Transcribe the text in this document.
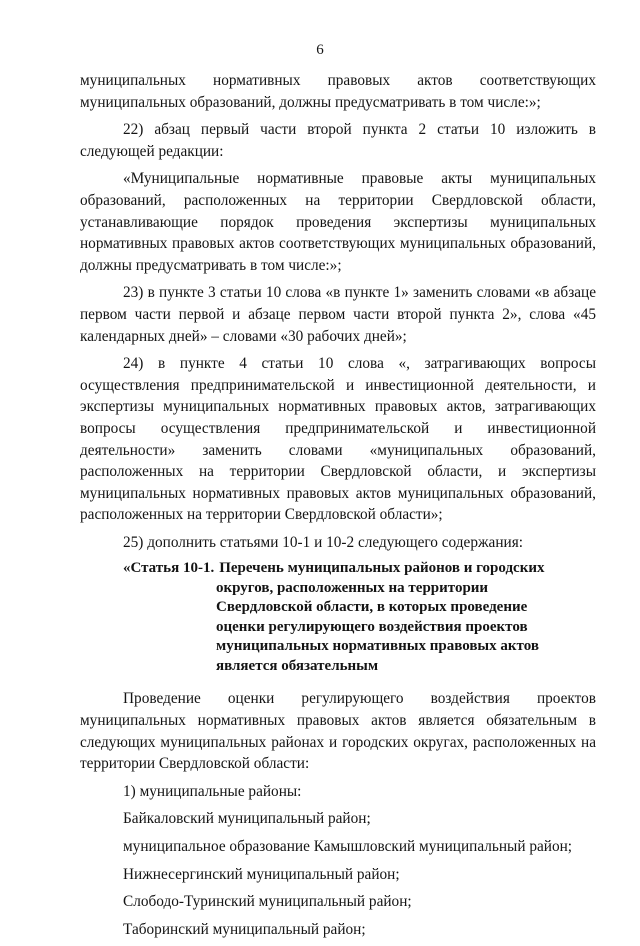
6

муниципальных нормативных правовых актов соответствующих муниципальных образований, должны предусматривать в том числе:»;

22) абзац первый части второй пункта 2 статьи 10 изложить в следующей редакции:

«Муниципальные нормативные правовые акты муниципальных образований, расположенных на территории Свердловской области, устанавливающие порядок проведения экспертизы муниципальных нормативных правовых актов соответствующих муниципальных образований, должны предусматривать в том числе:»;

23) в пункте 3 статьи 10 слова «в пункте 1» заменить словами «в абзаце первом части первой и абзаце первом части второй пункта 2», слова «45 календарных дней» – словами «30 рабочих дней»;

24) в пункте 4 статьи 10 слова «, затрагивающих вопросы осуществления предпринимательской и инвестиционной деятельности, и экспертизы муниципальных нормативных правовых актов, затрагивающих вопросы осуществления предпринимательской и инвестиционной деятельности» заменить словами «муниципальных образований, расположенных на территории Свердловской области, и экспертизы муниципальных нормативных правовых актов муниципальных образований, расположенных на территории Свердловской области»;

25) дополнить статьями 10-1 и 10-2 следующего содержания:

«Статья 10-1. Перечень муниципальных районов и городских
округов, расположенных на территории Свердловской области, в которых проведение оценки регулирующего воздействия проектов муниципальных нормативных правовых актов является обязательным

Проведение оценки регулирующего воздействия проектов муниципальных нормативных правовых актов является обязательным в следующих муниципальных районах и городских округах, расположенных на территории Свердловской области:

1) муниципальные районы:
Байкаловский муниципальный район;
муниципальное образование Камышловский муниципальный район;
Нижнесергинский муниципальный район;
Слободо-Туринский муниципальный район;
Таборинский муниципальный район;
